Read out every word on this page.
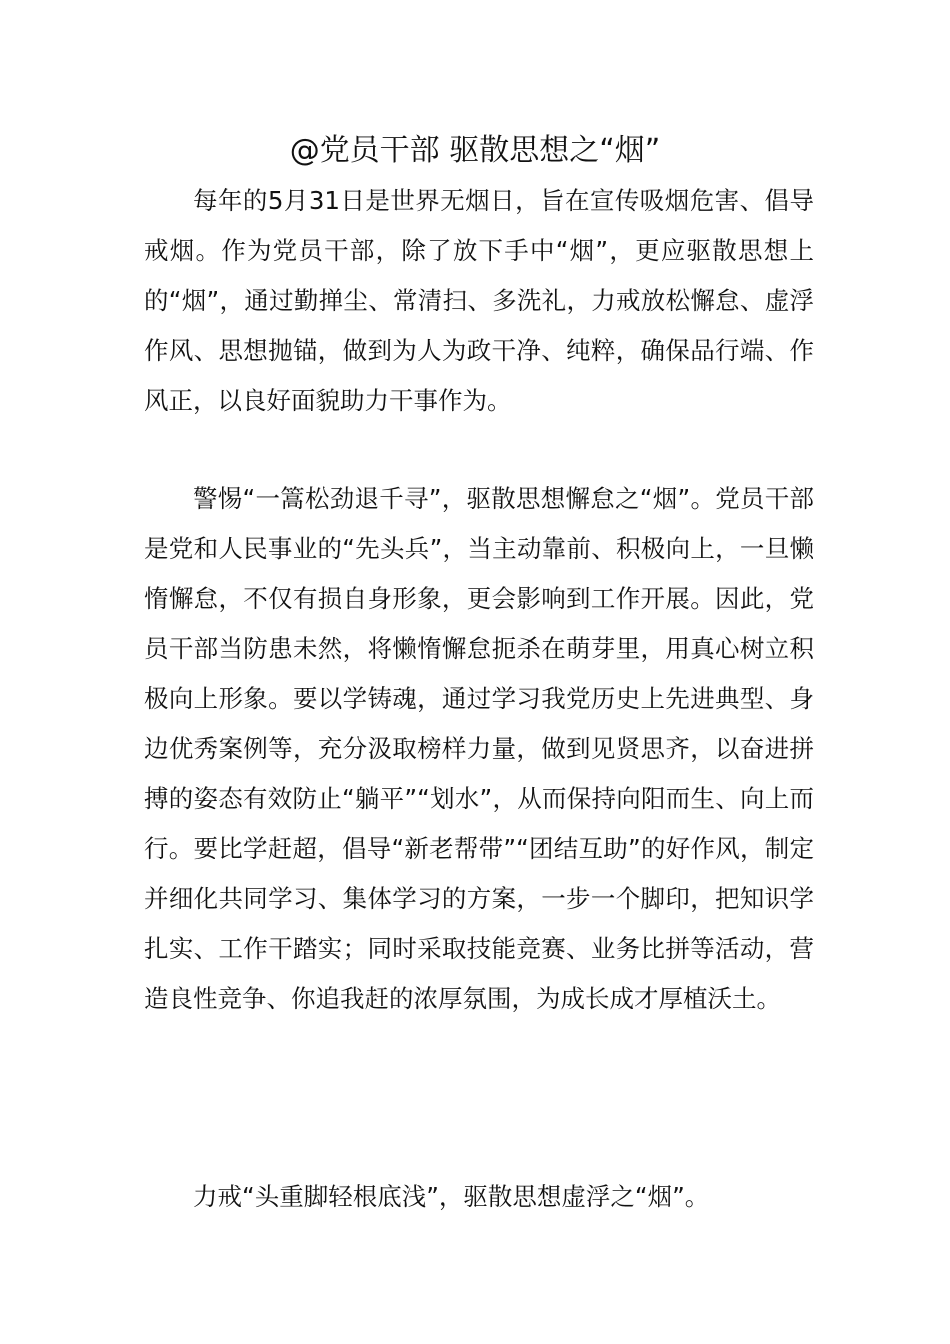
@党员干部 驱散思想之“烟”

每年的5月31日是世界无烟日，旨在宣传吸烟危害、倡导戒烟。作为党员干部，除了放下手中“烟”，更应驱散思想上的“烟”，通过勤掸尘、常清扫、多洗礼，力戒放松懈怠、虚浮作风、思想抛锚，做到为人为政干净、纯粹，确保品行端、作风正，以良好面貌助力干事作为。

警惕“一篙松劲退千寻”，驱散思想懈怠之“烟”。党员干部是党和人民事业的“先头兵”，当主动靠前、积极向上，一旦懒惰懈怠，不仅有损自身形象，更会影响到工作开展。因此，党员干部当防患未然，将懒惰懈怠扼杀在萌芽里，用真心树立积极向上形象。要以学铸魂，通过学习我党历史上先进典型、身边优秀案例等，充分汲取榜样力量，做到见贤思齐，以奋进拼搏的姿态有效防止“躺平”“划水”，从而保持向阳而生、向上而行。要比学赶超，倡导“新老帮带”“团结互助”的好作风，制定并细化共同学习、集体学习的方案，一步一个脚印，把知识学扎实、工作干踏实；同时采取技能竞赛、业务比拼等活动，营造良性竞争、你追我赶的浓厚氛围，为成长成才厚植沃土。

力戒“头重脚轻根底浅”，驱散思想虚浮之“烟”。
